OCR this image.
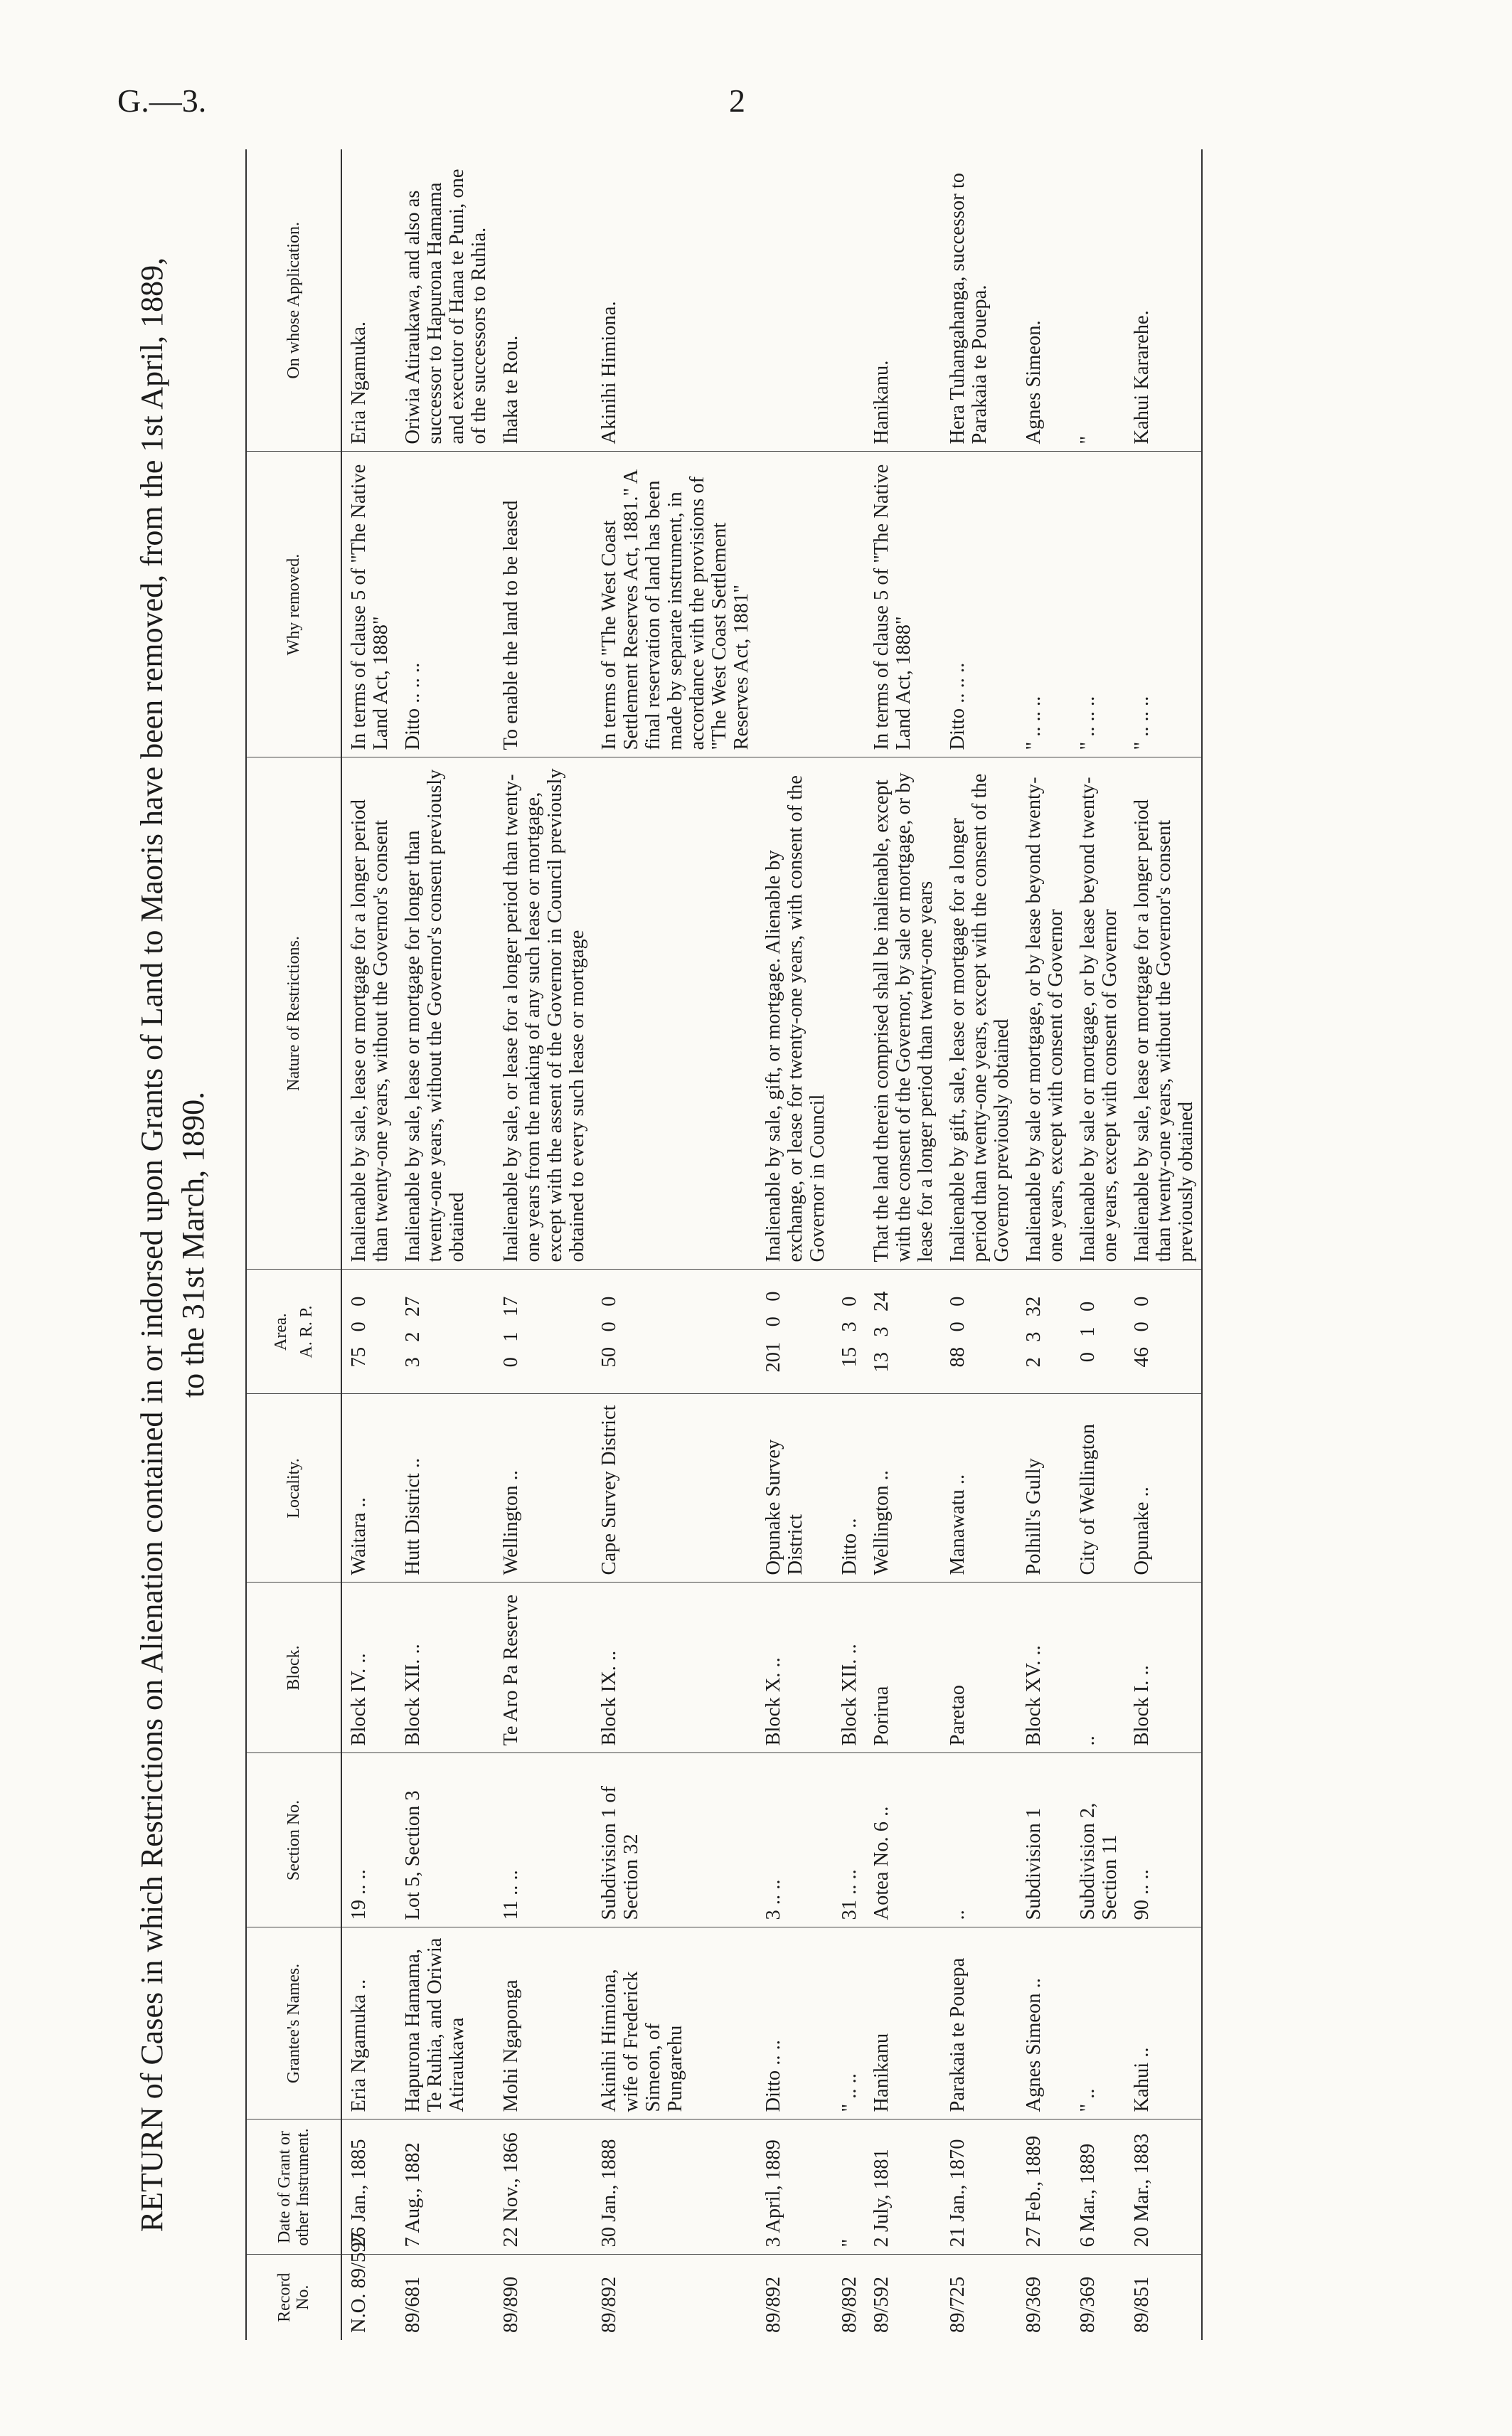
G.—3.	2
RETURN of Cases in which Restrictions on Alienation contained in or indorsed upon Grants of Land to Maoris have been removed, from the 1st April, 1889, to the 31st March, 1890.
Record No.	Date of Grant or other Instrument.	Grantee's Names.	Section No.	Block.	Locality.	Area. A. R. P.	Nature of Restrictions.	Why removed.	On whose Application.
N.O. 89/597	26 Jan., 1885	Eria Ngamuka ..	19 .. ..	Block IV. ..	Waitara ..	75   0   0	Inalienable by sale, lease or mortgage for a longer period than twenty-one years, without the Governor's consent	In terms of clause 5 of "The Native Land Act, 1888"	Eria Ngamuka.
89/681	7 Aug., 1882	Hapurona Hamama, Te Ruhia, and Oriwia Atiraukawa	Lot 5, Section 3	Block XII. ..	Hutt District ..	3   2   27	Inalienable by sale, lease or mortgage for longer than twenty-one years, without the Governor's consent previously obtained	Ditto .. .. ..	Oriwia Atiraukawa, and also as successor to Hapurona Hamama and executor of Hana te Puni, one of the successors to Ruhia.
89/890	22 Nov., 1866	Mohi Ngaponga	11 .. ..	Te Aro Pa Reserve	Wellington ..	0   1   17	Inalienable by sale, or lease for a longer period than twenty-one years from the making of any such lease or mortgage, except with the assent of the Governor in Council previously obtained to every such lease or mortgage	To enable the land to be leased	Ihaka te Rou.
89/892	30 Jan., 1888	Akinihi Himiona, wife of Frederick Simeon, of Pungarehu	Subdivision 1 of Section 32	Block IX. ..	Cape Survey District	50   0   0		In terms of "The West Coast Settlement Reserves Act, 1881." A final reservation of land has been made by separate instrument, in accordance with the provisions of "The West Coast Settlement Reserves Act, 1881"	Akinihi Himiona.
89/892	3 April, 1889	Ditto .. ..	3 .. ..	Block X. ..	Opunake Survey District	201   0   0	Inalienable by sale, gift, or mortgage. Alienable by exchange, or lease for twenty-one years, with consent of the Governor in Council		
89/892	"	" .. ..	31 .. ..	Block XII. ..	Ditto ..	15   3   0			
89/592	2 July, 1881	Hanikanu	Aotea No. 6 ..	Porirua	Wellington ..	13   3   24	That the land therein comprised shall be inalienable, except with the consent of the Governor, by sale or mortgage, or by lease for a longer period than twenty-one years	In terms of clause 5 of "The Native Land Act, 1888"	Hanikanu.
89/725	21 Jan., 1870	Parakaia te Pouepa	..	Paretao	Manawatu ..	88   0   0	Inalienable by gift, sale, lease or mortgage for a longer period than twenty-one years, except with the consent of the Governor previously obtained	Ditto .. .. ..	Hera Tuhangahanga, successor to Parakaia te Pouepa.
89/369	27 Feb., 1889	Agnes Simeon ..	Subdivision 1	Block XV. ..	Polhill's Gully	2   3   32	Inalienable by sale or mortgage, or by lease beyond twenty-one years, except with consent of Governor	" .. .. ..	Agnes Simeon.
89/369	6 Mar., 1889	" ..	Subdivision 2, Section 11	..	City of Wellington	0   1   0	Inalienable by sale or mortgage, or by lease beyond twenty-one years, except with consent of Governor	" .. .. ..	"
89/851	20 Mar., 1883	Kahui ..	90 .. ..	Block I. ..	Opunake ..	46   0   0	Inalienable by sale, lease or mortgage for a longer period than twenty-one years, without the Governor's consent previously obtained	" .. .. ..	Kahui Kararehe.
